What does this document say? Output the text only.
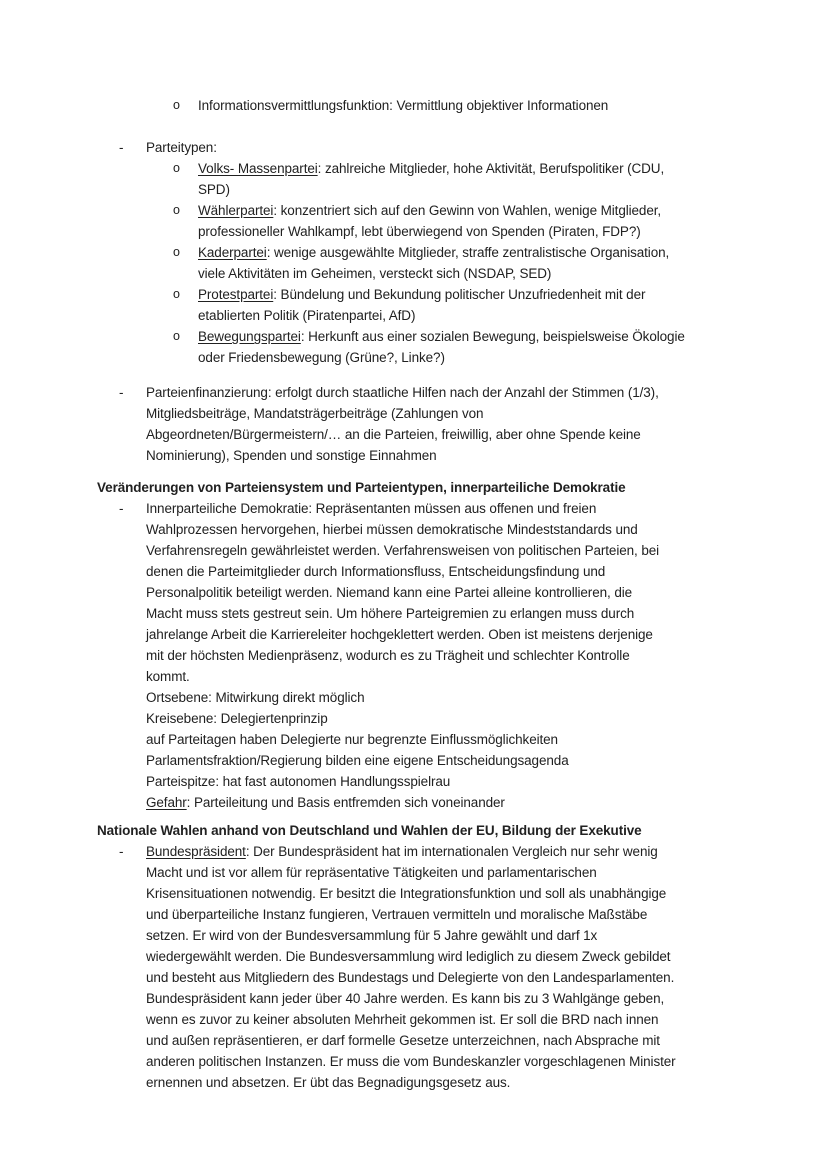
o	Informationsvermittlungsfunktion: Vermittlung objektiver Informationen
-	Parteitypen:
o	Volks- Massenpartei: zahlreiche Mitglieder, hohe Aktivität, Berufspolitiker (CDU,
SPD)
o	Wählerpartei: konzentriert sich auf den Gewinn von Wahlen, wenige Mitglieder,
professioneller Wahlkampf, lebt überwiegend von Spenden (Piraten, FDP?)
o	Kaderpartei: wenige ausgewählte Mitglieder, straffe zentralistische Organisation,
viele Aktivitäten im Geheimen, versteckt sich (NSDAP, SED)
o	Protestpartei: Bündelung und Bekundung politischer Unzufriedenheit mit der
etablierten Politik (Piratenpartei, AfD)
o	Bewegungspartei: Herkunft aus einer sozialen Bewegung, beispielsweise Ökologie
oder Friedensbewegung (Grüne?, Linke?)
-	Parteienfinanzierung: erfolgt durch staatliche Hilfen nach der Anzahl der Stimmen (1/3),
Mitgliedsbeiträge, Mandatsträgerbeiträge (Zahlungen von
Abgeordneten/Bürgermeistern/… an die Parteien, freiwillig, aber ohne Spende keine
Nominierung), Spenden und sonstige Einnahmen
Veränderungen von Parteiensystem und Parteientypen, innerparteiliche Demokratie
-	Innerparteiliche Demokratie: Repräsentanten müssen aus offenen und freien
Wahlprozessen hervorgehen, hierbei müssen demokratische Mindeststandards und
Verfahrensregeln gewährleistet werden. Verfahrensweisen von politischen Parteien, bei
denen die Parteimitglieder durch Informationsfluss, Entscheidungsfindung und
Personalpolitik beteiligt werden. Niemand kann eine Partei alleine kontrollieren, die
Macht muss stets gestreut sein. Um höhere Parteigremien zu erlangen muss durch
jahrelange Arbeit die Karriereleiter hochgeklettert werden. Oben ist meistens derjenige
mit der höchsten Medienpräsenz, wodurch es zu Trägheit und schlechter Kontrolle
kommt.
Ortsebene: Mitwirkung direkt möglich
Kreisebene: Delegiertenprinzip
auf Parteitagen haben Delegierte nur begrenzte Einflussmöglichkeiten
Parlamentsfraktion/Regierung bilden eine eigene Entscheidungsagenda
Parteispitze: hat fast autonomen Handlungsspielrau
Gefahr: Parteileitung und Basis entfremden sich voneinander
Nationale Wahlen anhand von Deutschland und Wahlen der EU, Bildung der Exekutive
-	Bundespräsident: Der Bundespräsident hat im internationalen Vergleich nur sehr wenig
Macht und ist vor allem für repräsentative Tätigkeiten und parlamentarischen
Krisensituationen notwendig. Er besitzt die Integrationsfunktion und soll als unabhängige
und überparteiliche Instanz fungieren, Vertrauen vermitteln und moralische Maßstäbe
setzen. Er wird von der Bundesversammlung für 5 Jahre gewählt und darf 1x
wiedergewählt werden. Die Bundesversammlung wird lediglich zu diesem Zweck gebildet
und besteht aus Mitgliedern des Bundestags und Delegierte von den Landesparlamenten.
Bundespräsident kann jeder über 40 Jahre werden. Es kann bis zu 3 Wahlgänge geben,
wenn es zuvor zu keiner absoluten Mehrheit gekommen ist. Er soll die BRD nach innen
und außen repräsentieren, er darf formelle Gesetze unterzeichnen, nach Absprache mit
anderen politischen Instanzen. Er muss die vom Bundeskanzler vorgeschlagenen Minister
ernennen und absetzen. Er übt das Begnadigungsgesetz aus.
